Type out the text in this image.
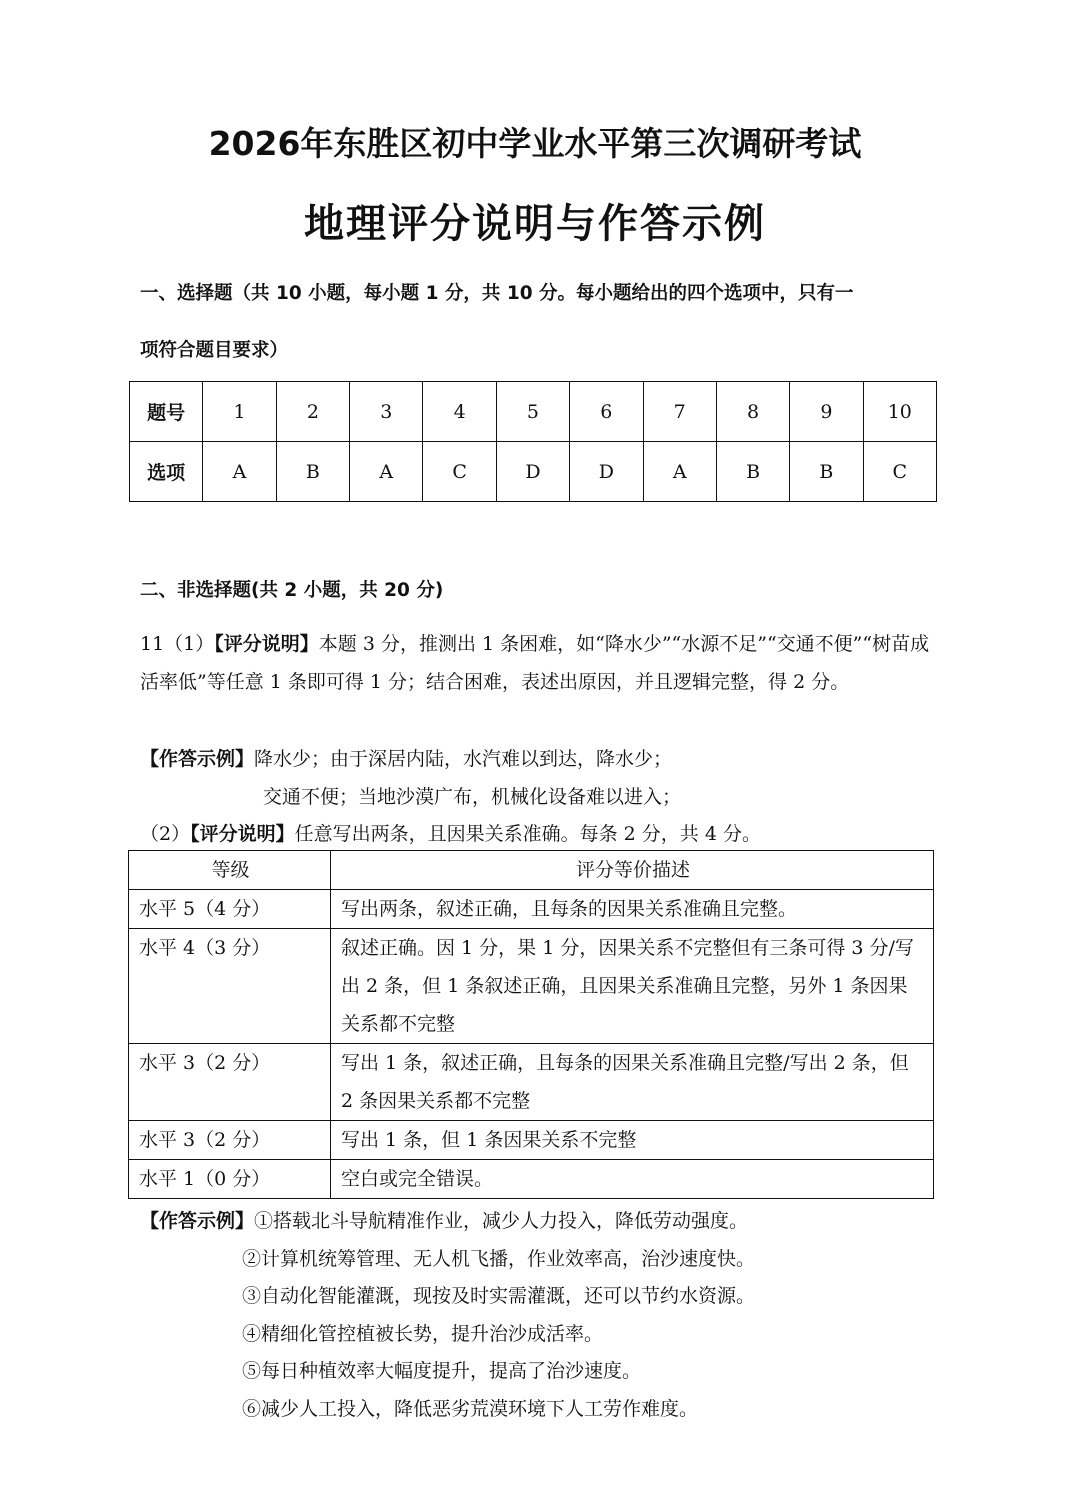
2026年东胜区初中学业水平第三次调研考试
地理评分说明与作答示例
一、选择题（共 10 小题，每小题 1 分，共 10 分。每小题给出的四个选项中，只有一
项符合题目要求）
题号	1	2	3	4	5	6	7	8	9	10
选项	A	B	A	C	D	D	A	B	B	C
二、非选择题(共 2 小题，共 20 分)
11（1）【评分说明】本题 3 分，推测出 1 条困难，如“降水少”“水源不足”“交通不便”“树苗成活率低”等任意 1 条即可得 1 分；结合困难，表述出原因，并且逻辑完整，得 2 分。
【作答示例】降水少；由于深居内陆，水汽难以到达，降水少；
交通不便；当地沙漠广布，机械化设备难以进入；
（2）【评分说明】任意写出两条，且因果关系准确。每条 2 分，共 4 分。
等级	评分等价描述
水平 5（4 分）	写出两条，叙述正确，且每条的因果关系准确且完整。
水平 4（3 分）	叙述正确。因 1 分，果 1 分，因果关系不完整但有三条可得 3 分/写出 2 条，但 1 条叙述正确，且因果关系准确且完整，另外 1 条因果关系都不完整
水平 3（2 分）	写出 1 条，叙述正确，且每条的因果关系准确且完整/写出 2 条，但 2 条因果关系都不完整
水平 3（2 分）	写出 1 条，但 1 条因果关系不完整
水平 1（0 分）	空白或完全错误。
【作答示例】①搭载北斗导航精准作业，减少人力投入，降低劳动强度。
②计算机统筹管理、无人机飞播，作业效率高，治沙速度快。
③自动化智能灌溉，现按及时实需灌溉，还可以节约水资源。
④精细化管控植被长势，提升治沙成活率。
⑤每日种植效率大幅度提升，提高了治沙速度。
⑥减少人工投入，降低恶劣荒漠环境下人工劳作难度。
